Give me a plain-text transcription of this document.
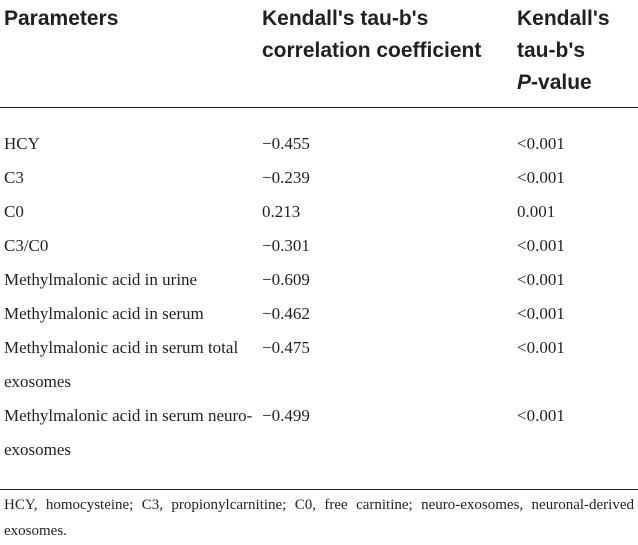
Parameters	Kendall's tau-b's correlation coefficient	Kendall's tau-b's
P-value
HCY	−0.455	<0.001
C3	−0.239	<0.001
C0	0.213	0.001
C3/C0	−0.301	<0.001
Methylmalonic acid in urine	−0.609	<0.001
Methylmalonic acid in serum	−0.462	<0.001
Methylmalonic acid in serum total exosomes	−0.475	<0.001
Methylmalonic acid in serum neuro-exosomes	−0.499	<0.001
HCY, homocysteine; C3, propionylcarnitine; C0, free carnitine; neuro-exosomes, neuronal-derived exosomes.
